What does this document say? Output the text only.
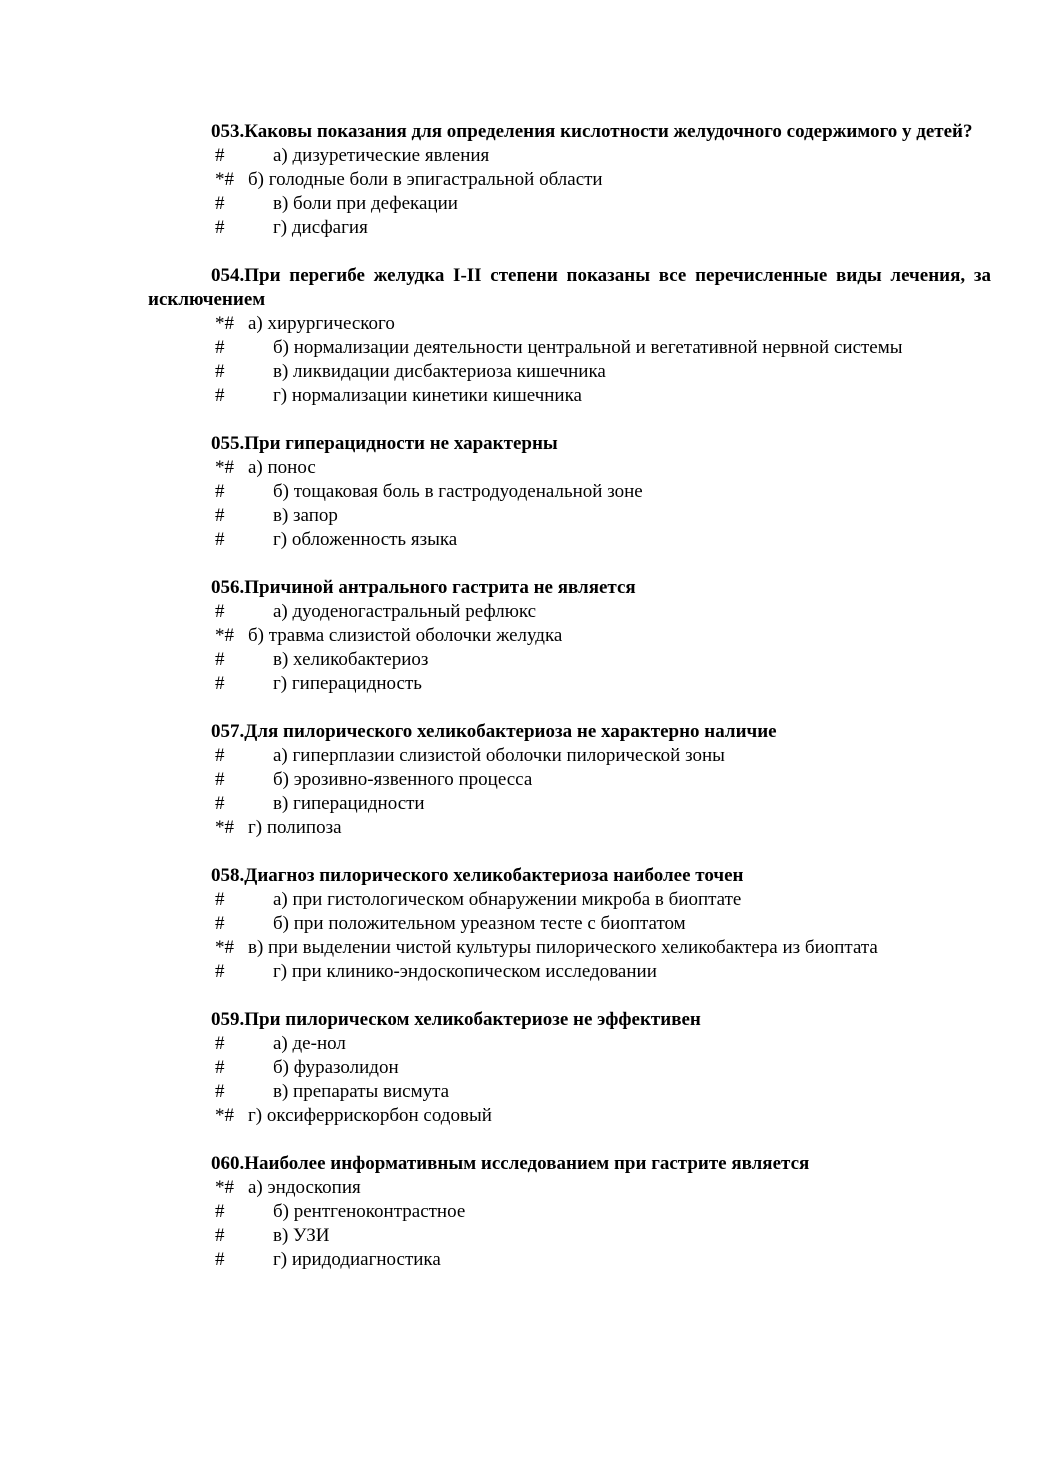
053.Каковы показания для определения кислотности желудочного содержимого у детей?

#	а) дизуретические явления
*# б) голодные боли в эпигастральной области
#	в) боли при дефекации
#	г) дисфагия

054.При перегибе желудка I-II степени показаны все перечисленные виды лечения, за исключением

*# а) хирургического
#	б) нормализации деятельности центральной и вегетативной нервной системы
#	в) ликвидации дисбактериоза кишечника
#	г) нормализации кинетики кишечника

055.При гиперацидности не характерны

*# а) понос
#	б) тощаковая боль в гастродуоденальной зоне
#	в) запор
#	г) обложенность языка

056.Причиной антрального гастрита не является

#	а) дуоденогастральный рефлюкс
*# б) травма слизистой оболочки желудка
#	в) хеликобактериоз
#	г) гиперацидность

057.Для пилорического хеликобактериоза не характерно наличие

#	а) гиперплазии слизистой оболочки пилорической зоны
#	б) эрозивно-язвенного процесса
#	в) гиперацидности
*# г) полипоза

058.Диагноз пилорического хеликобактериоза наиболее точен

#	а) при гистологическом обнаружении микроба в биоптате
#	б) при положительном уреазном тесте с биоптатом
*# в) при выделении чистой культуры пилорического хеликобактера из биоптата
#	г) при клинико-эндоскопическом исследовании

059.При пилорическом хеликобактериозе не эффективен

#	а) де-нол
#	б) фуразолидон
#	в) препараты висмута
*# г) оксиферрискорбон содовый

060.Наиболее информативным исследованием при гастрите является

*# а) эндоскопия
#	б) рентгеноконтрастное
#	в) УЗИ
#	г) иридодиагностика
